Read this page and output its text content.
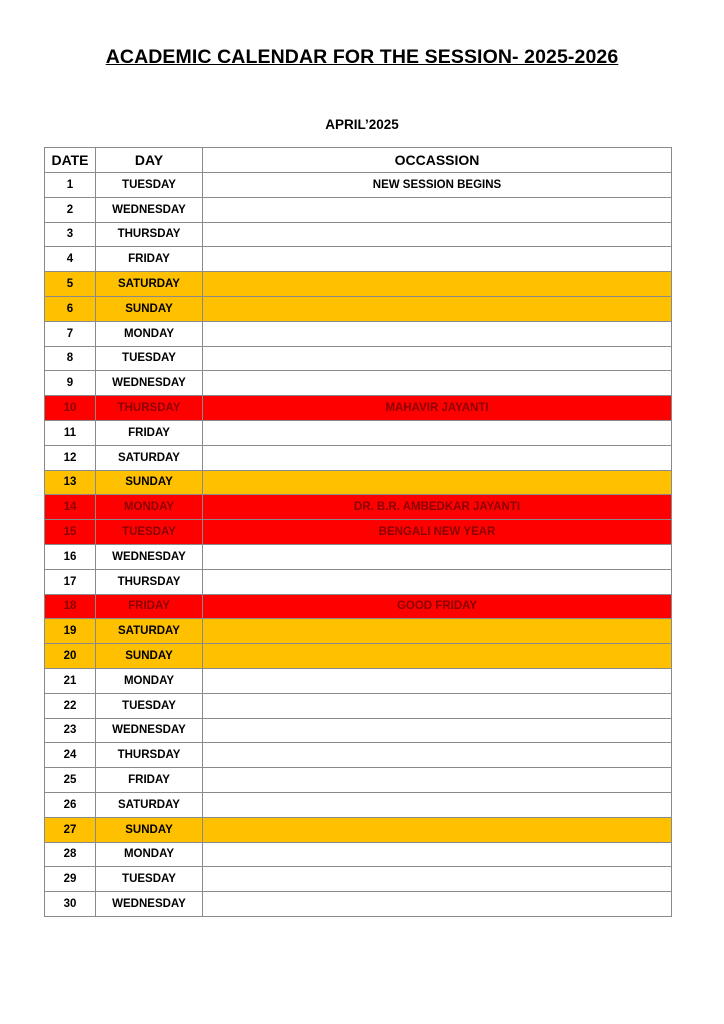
ACADEMIC CALENDAR FOR THE SESSION- 2025-2026
APRIL’2025
DATE	DAY	OCCASSION
1	TUESDAY	NEW SESSION BEGINS
2	WEDNESDAY	
3	THURSDAY	
4	FRIDAY	
5	SATURDAY	
6	SUNDAY	
7	MONDAY	
8	TUESDAY	
9	WEDNESDAY	
10	THURSDAY	MAHAVIR JAYANTI
11	FRIDAY	
12	SATURDAY	
13	SUNDAY	
14	MONDAY	DR. B.R. AMBEDKAR JAYANTI
15	TUESDAY	BENGALI NEW YEAR
16	WEDNESDAY	
17	THURSDAY	
18	FRIDAY	GOOD FRIDAY
19	SATURDAY	
20	SUNDAY	
21	MONDAY	
22	TUESDAY	
23	WEDNESDAY	
24	THURSDAY	
25	FRIDAY	
26	SATURDAY	
27	SUNDAY	
28	MONDAY	
29	TUESDAY	
30	WEDNESDAY	
